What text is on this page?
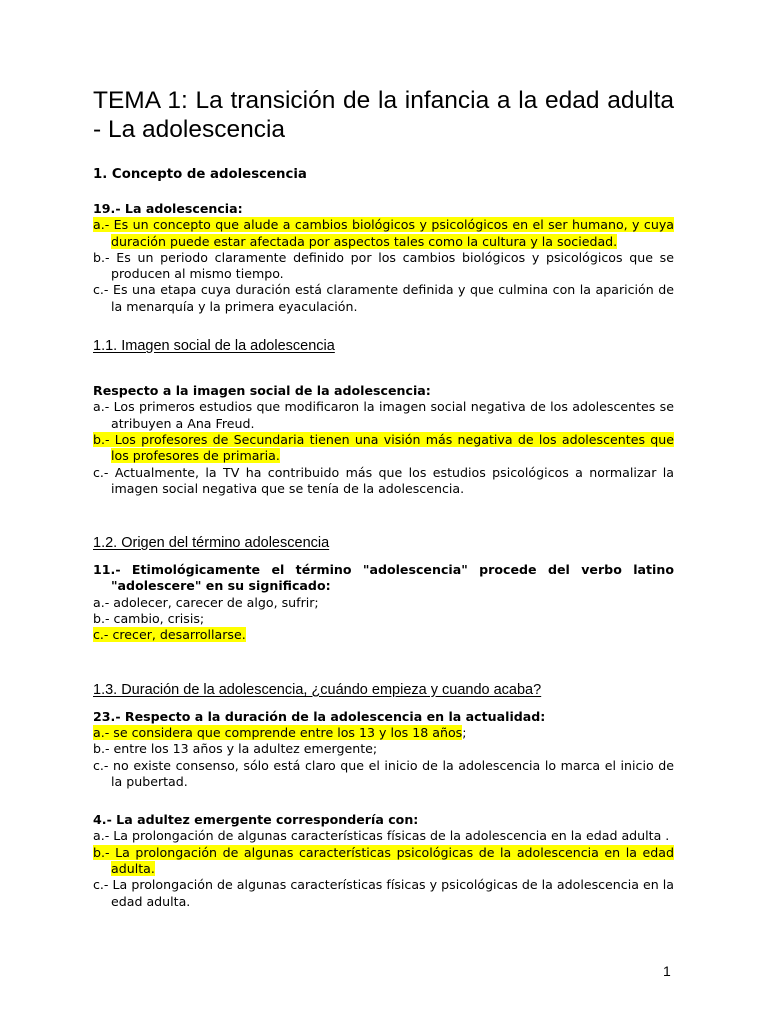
TEMA 1: La transición de la infancia a la edad adulta - La adolescencia
1. Concepto de adolescencia
19.- La adolescencia:
a.- Es un concepto que alude a cambios biológicos y psicológicos en el ser humano, y cuya duración puede estar afectada por aspectos tales como la cultura y la sociedad.
b.- Es un periodo claramente definido por los cambios biológicos y psicológicos que se producen al mismo tiempo.
c.- Es una etapa cuya duración está claramente definida y que culmina con la aparición de la menarquía y la primera eyaculación.
1.1. Imagen social de la adolescencia
Respecto a la imagen social de la adolescencia:
a.- Los primeros estudios que modificaron la imagen social negativa de los adolescentes se atribuyen a Ana Freud.
b.- Los profesores de Secundaria tienen una visión más negativa de los adolescentes que los profesores de primaria.
c.- Actualmente, la TV ha contribuido más que los estudios psicológicos a normalizar la imagen social negativa que se tenía de la adolescencia.
1.2. Origen del término adolescencia
11.- Etimológicamente el término "adolescencia" procede del verbo latino "adolescere" en su significado:
a.- adolecer, carecer de algo, sufrir;
b.- cambio, crisis;
c.- crecer, desarrollarse.
1.3. Duración de la adolescencia, ¿cuándo empieza y cuando acaba?
23.- Respecto a la duración de la adolescencia en la actualidad:
a.- se considera que comprende entre los 13 y los 18 años;
b.- entre los 13 años y la adultez emergente;
c.- no existe consenso, sólo está claro que el inicio de la adolescencia lo marca el inicio de la pubertad.
4.- La adultez emergente correspondería con:
a.- La prolongación de algunas características físicas de la adolescencia en la edad adulta .
b.- La prolongación de algunas características psicológicas de la adolescencia en la edad adulta.
c.- La prolongación de algunas características físicas y psicológicas de la adolescencia en la edad adulta.
1
